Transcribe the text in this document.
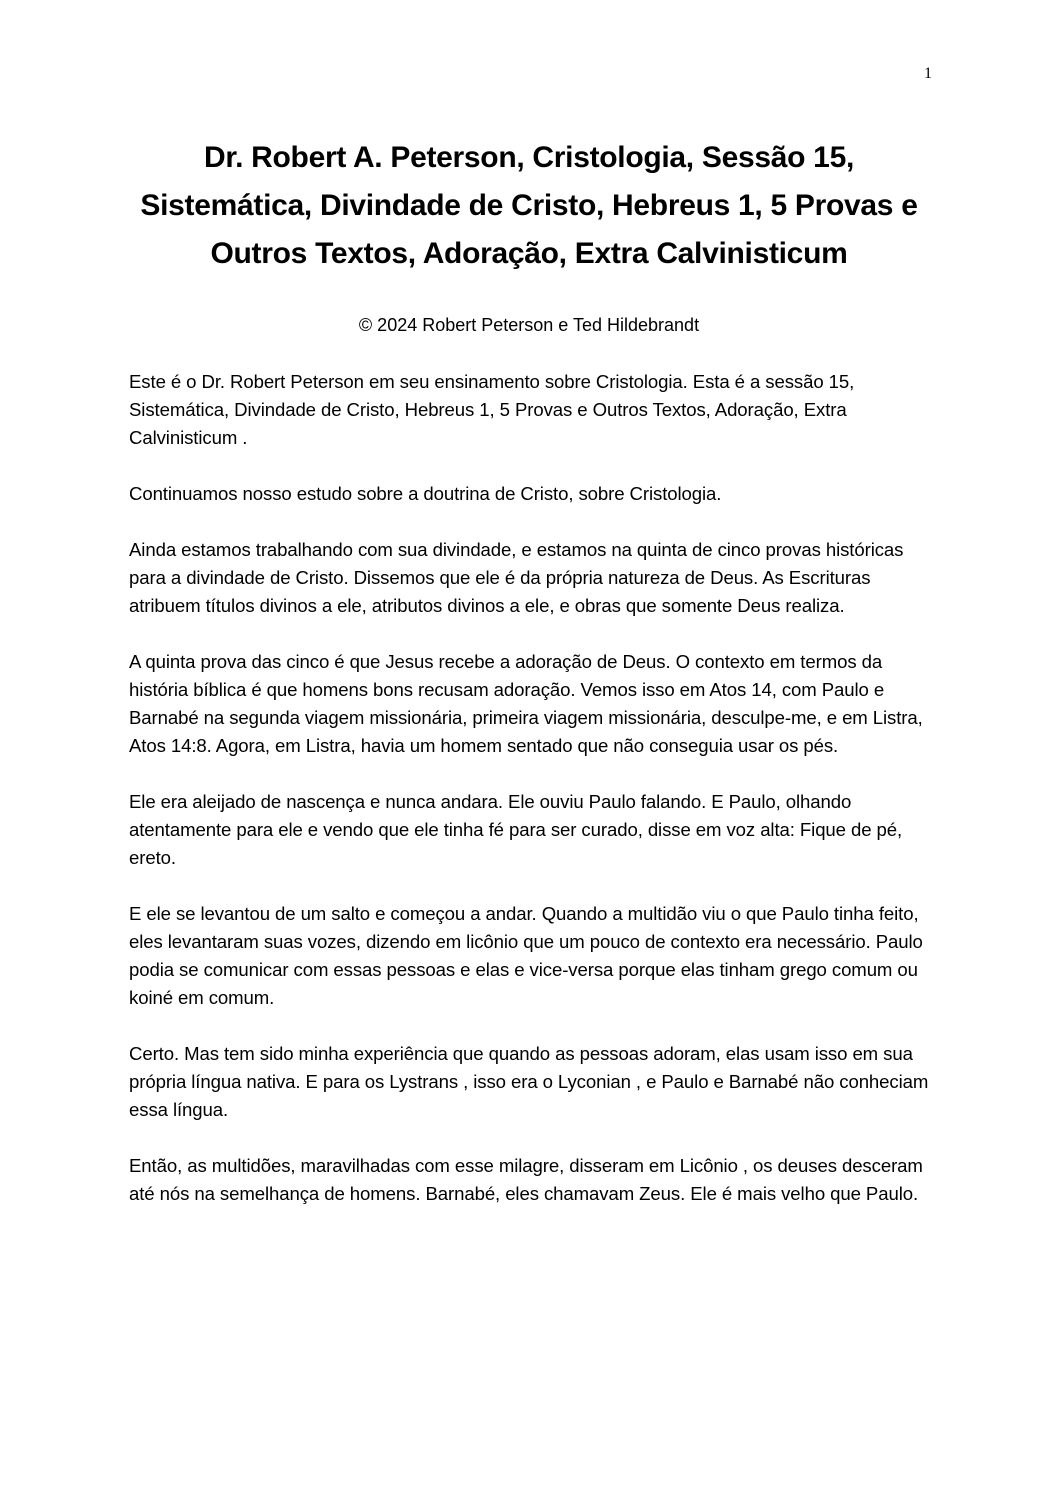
1
Dr. Robert A. Peterson, Cristologia, Sessão 15, Sistemática, Divindade de Cristo, Hebreus 1, 5 Provas e Outros Textos, Adoração, Extra Calvinisticum
© 2024 Robert Peterson e Ted Hildebrandt

Este é o Dr. Robert Peterson em seu ensinamento sobre Cristologia. Esta é a sessão 15, Sistemática, Divindade de Cristo, Hebreus 1, 5 Provas e Outros Textos, Adoração, Extra Calvinisticum .

Continuamos nosso estudo sobre a doutrina de Cristo, sobre Cristologia.

Ainda estamos trabalhando com sua divindade, e estamos na quinta de cinco provas históricas para a divindade de Cristo. Dissemos que ele é da própria natureza de Deus. As Escrituras atribuem títulos divinos a ele, atributos divinos a ele, e obras que somente Deus realiza.

A quinta prova das cinco é que Jesus recebe a adoração de Deus. O contexto em termos da história bíblica é que homens bons recusam adoração. Vemos isso em Atos 14, com Paulo e Barnabé na segunda viagem missionária, primeira viagem missionária, desculpe-me, e em Listra, Atos 14:8. Agora, em Listra, havia um homem sentado que não conseguia usar os pés.

Ele era aleijado de nascença e nunca andara. Ele ouviu Paulo falando. E Paulo, olhando atentamente para ele e vendo que ele tinha fé para ser curado, disse em voz alta: Fique de pé, ereto.

E ele se levantou de um salto e começou a andar. Quando a multidão viu o que Paulo tinha feito, eles levantaram suas vozes, dizendo em licônio que um pouco de contexto era necessário. Paulo podia se comunicar com essas pessoas e elas e vice-versa porque elas tinham grego comum ou koiné em comum.

Certo. Mas tem sido minha experiência que quando as pessoas adoram, elas usam isso em sua própria língua nativa. E para os Lystrans , isso era o Lyconian , e Paulo e Barnabé não conheciam essa língua.

Então, as multidões, maravilhadas com esse milagre, disseram em Licônio , os deuses desceram até nós na semelhança de homens. Barnabé, eles chamavam Zeus. Ele é mais velho que Paulo.
